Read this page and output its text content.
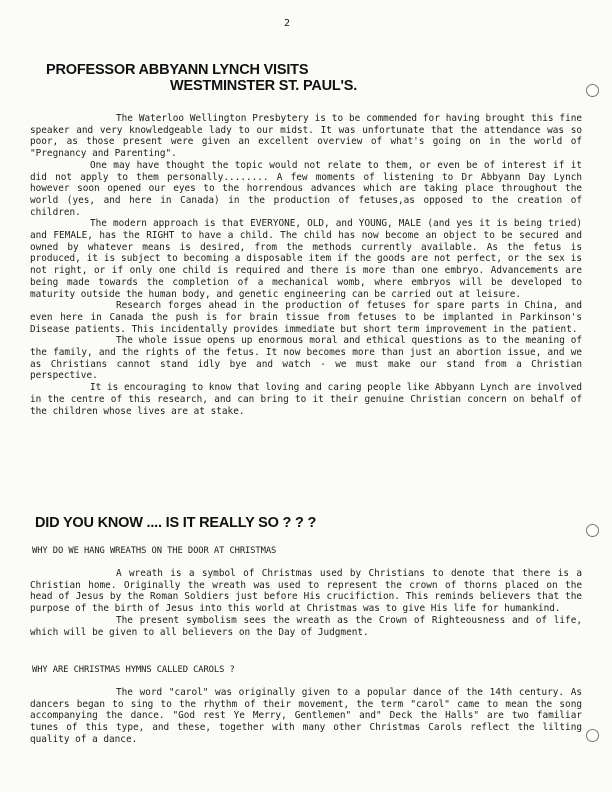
2
PROFESSOR ABBYANN LYNCH VISITS
WESTMINSTER ST. PAUL'S.

The Waterloo Wellington Presbytery is to be commended for having brought this fine speaker and very knowledgeable lady to our midst. It was unfortunate that the attendance was so poor, as those present were given an excellent overview of what's going on in the world of "Pregnancy and Parenting".

One may have thought the topic would not relate to them, or even be of interest if it did not apply to them personally........ A few moments of listening to Dr Abbyann Day Lynch however soon opened our eyes to the horrendous advances which are taking place throughout the world (yes, and here in Canada) in the production of fetuses,as opposed to the creation of children.

The modern approach is that EVERYONE, OLD, and YOUNG, MALE (and yes it is being tried) and FEMALE, has the RIGHT to have a child. The child has now become an object to be secured and owned by whatever means is desired, from the methods currently available. As the fetus is produced, it is subject to becoming a disposable item if the goods are not perfect, or the sex is not right, or if only one child is required and there is more than one embryo. Advancements are being made towards the completion of a mechanical womb, where embryos will be developed to maturity outside the human body, and genetic engineering can be carried out at leisure.

Research forges ahead in the production of fetuses for spare parts in China, and even here in Canada the push is for brain tissue from fetuses to be implanted in Parkinson's Disease patients. This incidentally provides immediate but short term improvement in the patient.

The whole issue opens up enormous moral and ethical questions as to the meaning of the family, and the rights of the fetus. It now becomes more than just an abortion issue, and we as Christians cannot stand idly bye and watch - we must make our stand from a Christian perspective.

It is encouraging to know that loving and caring people like Abbyann Lynch are involved in the centre of this research, and can bring to it their genuine Christian concern on behalf of the children whose lives are at stake.

DID YOU KNOW .... IS IT REALLY SO ? ? ?
WHY DO WE HANG WREATHS ON THE DOOR AT CHRISTMAS

A wreath is a symbol of Christmas used by Christians to denote that there is a Christian home. Originally the wreath was used to represent the crown of thorns placed on the head of Jesus by the Roman Soldiers just before His crucifiction. This reminds believers that the purpose of the birth of Jesus into this world at Christmas was to give His life for humankind.

The present symbolism sees the wreath as the Crown of Righteousness and of life, which will be given to all believers on the Day of Judgment.

WHY ARE CHRISTMAS HYMNS CALLED CAROLS ?

The word "carol" was originally given to a popular dance of the 14th century. As dancers began to sing to the rhythm of their movement, the term "carol" came to mean the song accompanying the dance. "God rest Ye Merry, Gentlemen" and" Deck the Halls" are two familiar tunes of this type, and these, together with many other Christmas Carols reflect the lilting quality of a dance.
